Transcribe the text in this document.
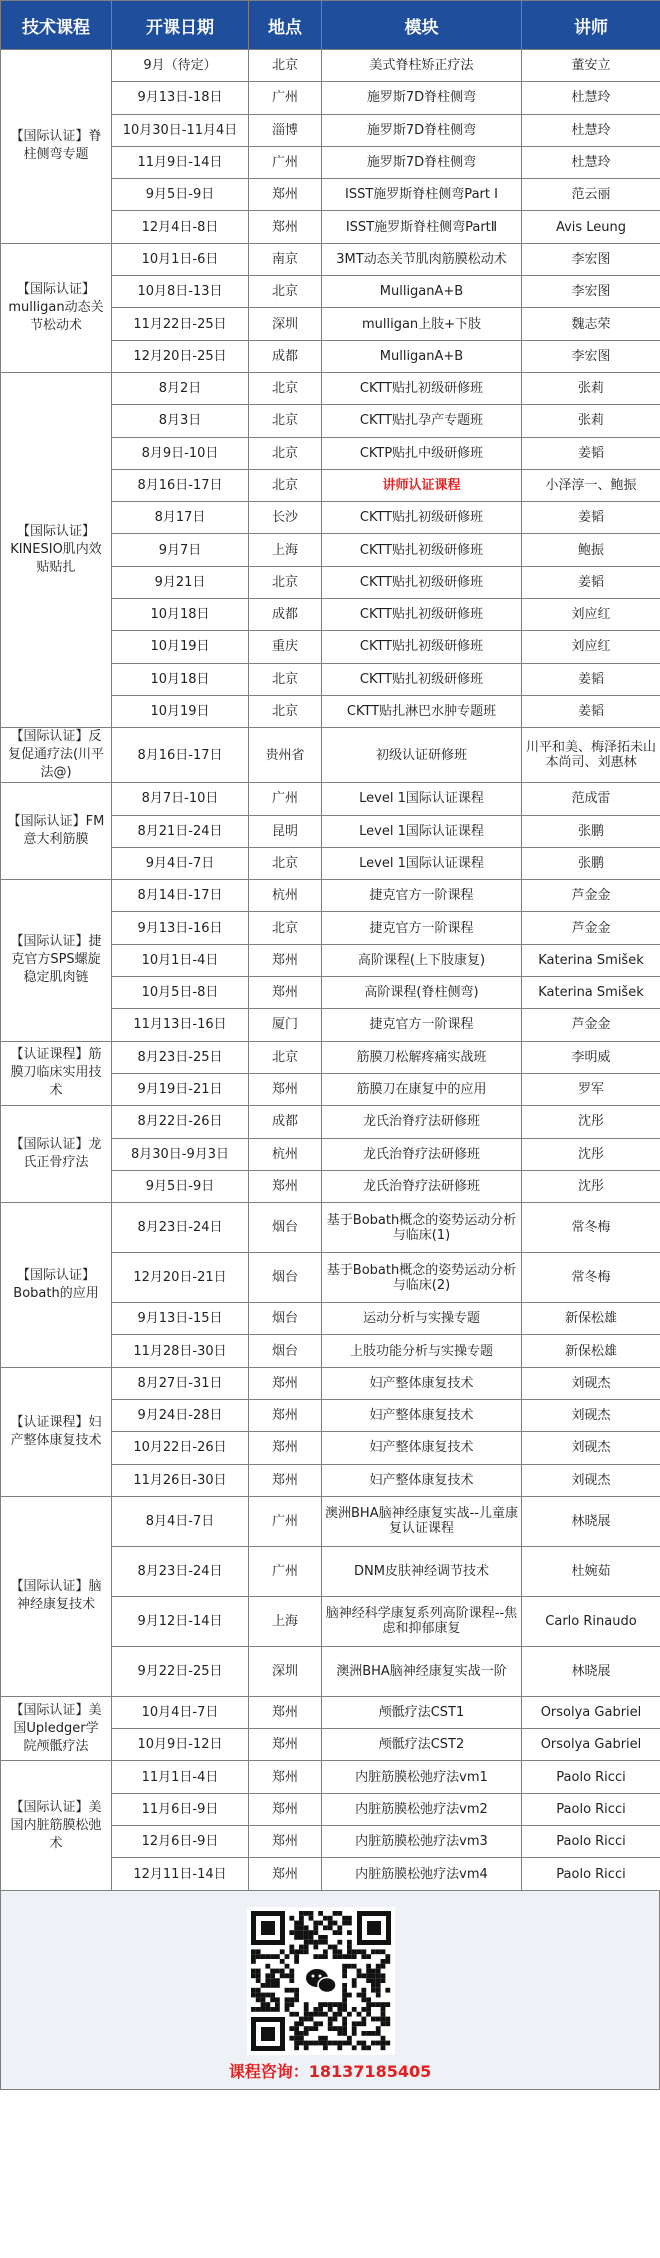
技术课程	开课日期	地点	模块	讲师
【国际认证】脊柱侧弯专题	9月（待定）	北京	美式脊柱矫正疗法	董安立
	9月13日-18日	广州	施罗斯7D脊柱侧弯	杜慧玲
	10月30日-11月4日	淄博	施罗斯7D脊柱侧弯	杜慧玲
	11月9日-14日	广州	施罗斯7D脊柱侧弯	杜慧玲
	9月5日-9日	郑州	ISST施罗斯脊柱侧弯Part Ⅰ	范云丽
	12月4日-8日	郑州	ISST施罗斯脊柱侧弯PartⅡ	Avis Leung
【国际认证】mulligan动态关节松动术	10月1日-6日	南京	3MT动态关节肌肉筋膜松动术	李宏图
	10月8日-13日	北京	MulliganA+B	李宏图
	11月22日-25日	深圳	mulligan上肢+下肢	魏志荣
	12月20日-25日	成都	MulliganA+B	李宏图
【国际认证】KINESIO肌内效贴贴扎	8月2日	北京	CKTT贴扎初级研修班	张莉
	8月3日	北京	CKTT贴扎孕产专题班	张莉
	8月9日-10日	北京	CKTP贴扎中级研修班	姜韬
	8月16日-17日	北京	讲师认证课程	小泽淳一、鲍振
	8月17日	长沙	CKTT贴扎初级研修班	姜韬
	9月7日	上海	CKTT贴扎初级研修班	鲍振
	9月21日	北京	CKTT贴扎初级研修班	姜韬
	10月18日	成都	CKTT贴扎初级研修班	刘应红
	10月19日	重庆	CKTT贴扎初级研修班	刘应红
	10月18日	北京	CKTT贴扎初级研修班	姜韬
	10月19日	北京	CKTT贴扎淋巴水肿专题班	姜韬
【国际认证】反复促通疗法(川平法@)	8月16日-17日	贵州省	初级认证研修班	川平和美、梅泽拓未山本尚司、刘惠林
【国际认证】FM意大利筋膜	8月7日-10日	广州	Level 1国际认证课程	范成雷
	8月21日-24日	昆明	Level 1国际认证课程	张鹏
	9月4日-7日	北京	Level 1国际认证课程	张鹏
【国际认证】捷克官方SPS螺旋稳定肌肉链	8月14日-17日	杭州	捷克官方一阶课程	芦金金
	9月13日-16日	北京	捷克官方一阶课程	芦金金
	10月1日-4日	郑州	高阶课程(上下肢康复)	Katerina Smišek
	10月5日-8日	郑州	高阶课程(脊柱侧弯)	Katerina Smišek
	11月13日-16日	厦门	捷克官方一阶课程	芦金金
【认证课程】筋膜刀临床实用技术	8月23日-25日	北京	筋膜刀松解疼痛实战班	李明威
	9月19日-21日	郑州	筋膜刀在康复中的应用	罗军
【国际认证】龙氏正骨疗法	8月22日-26日	成都	龙氏治脊疗法研修班	沈彤
	8月30日-9月3日	杭州	龙氏治脊疗法研修班	沈彤
	9月5日-9日	郑州	龙氏治脊疗法研修班	沈彤
【国际认证】Bobath的应用	8月23日-24日	烟台	基于Bobath概念的姿势运动分析与临床(1)	常冬梅
	12月20日-21日	烟台	基于Bobath概念的姿势运动分析与临床(2)	常冬梅
	9月13日-15日	烟台	运动分析与实操专题	新保松雄
	11月28日-30日	烟台	上肢功能分析与实操专题	新保松雄
【认证课程】妇产整体康复技术	8月27日-31日	郑州	妇产整体康复技术	刘砚杰
	9月24日-28日	郑州	妇产整体康复技术	刘砚杰
	10月22日-26日	郑州	妇产整体康复技术	刘砚杰
	11月26日-30日	郑州	妇产整体康复技术	刘砚杰
【国际认证】脑神经康复技术	8月4日-7日	广州	澳洲BHA脑神经康复实战--儿童康复认证课程	林晓展
	8月23日-24日	广州	DNM皮肤神经调节技术	杜婉茹
	9月12日-14日	上海	脑神经科学康复系列高阶课程--焦虑和抑郁康复	Carlo Rinaudo
	9月22日-25日	深圳	澳洲BHA脑神经康复实战一阶	林晓展
【国际认证】美国Upledger学院颅骶疗法	10月4日-7日	郑州	颅骶疗法CST1	Orsolya Gabriel
	10月9日-12日	郑州	颅骶疗法CST2	Orsolya Gabriel
【国际认证】美国内脏筋膜松弛术	11月1日-4日	郑州	内脏筋膜松弛疗法vm1	Paolo Ricci
	11月6日-9日	郑州	内脏筋膜松弛疗法vm2	Paolo Ricci
	12月6日-9日	郑州	内脏筋膜松弛疗法vm3	Paolo Ricci
	12月11日-14日	郑州	内脏筋膜松弛疗法vm4	Paolo Ricci
课程咨询：18137185405
